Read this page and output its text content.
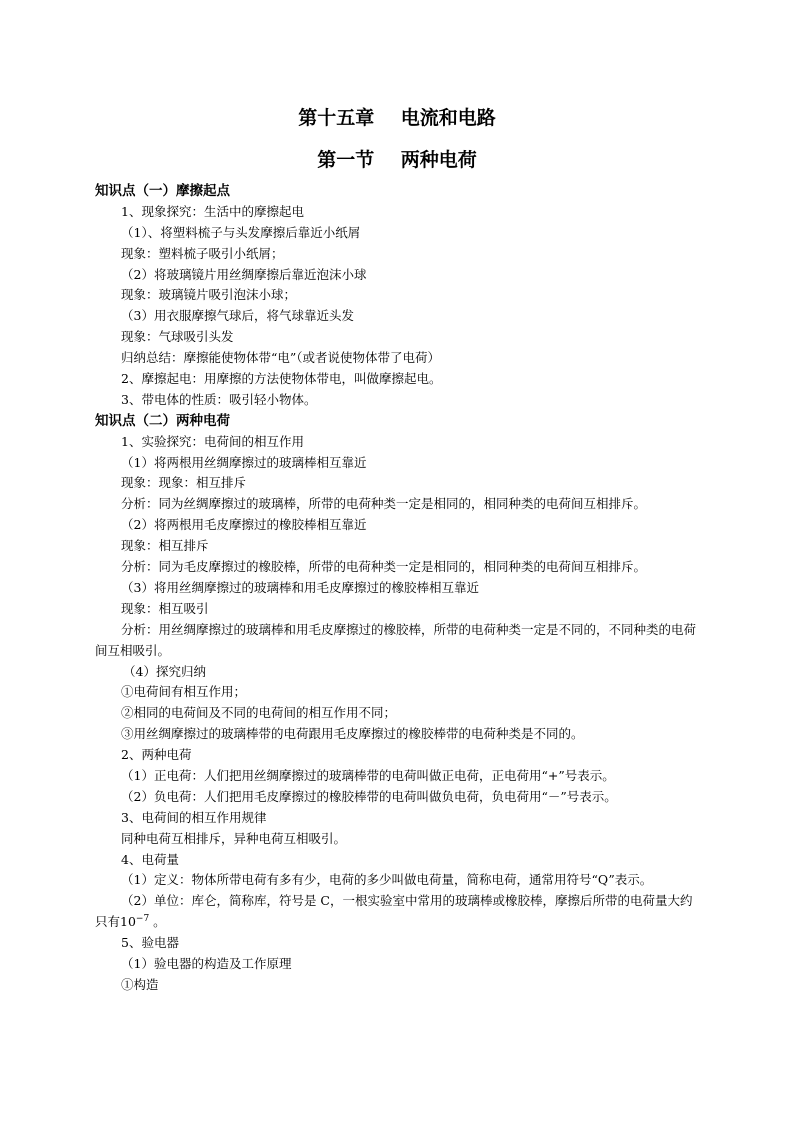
第十五章    电流和电路
第一节    两种电荷
知识点（一）摩擦起点
1、现象探究：生活中的摩擦起电
（1）、将塑料梳子与头发摩擦后靠近小纸屑
现象：塑料梳子吸引小纸屑；
（2）将玻璃镜片用丝绸摩擦后靠近泡沫小球
现象：玻璃镜片吸引泡沫小球；
（3）用衣服摩擦气球后，将气球靠近头发
现象：气球吸引头发
归纳总结：摩擦能使物体带“电”（或者说使物体带了电荷）
2、摩擦起电：用摩擦的方法使物体带电，叫做摩擦起电。
3、带电体的性质：吸引轻小物体。
知识点（二）两种电荷
1、实验探究：电荷间的相互作用
（1）将两根用丝绸摩擦过的玻璃棒相互靠近
现象：现象：相互排斥
分析：同为丝绸摩擦过的玻璃棒，所带的电荷种类一定是相同的，相同种类的电荷间互相排斥。
（2）将两根用毛皮摩擦过的橡胶棒相互靠近
现象：相互排斥
分析：同为毛皮摩擦过的橡胶棒，所带的电荷种类一定是相同的，相同种类的电荷间互相排斥。
（3）将用丝绸摩擦过的玻璃棒和用毛皮摩擦过的橡胶棒相互靠近
现象：相互吸引
分析：用丝绸摩擦过的玻璃棒和用毛皮摩擦过的橡胶棒，所带的电荷种类一定是不同的，不同种类的电荷间互相吸引。
（4）探究归纳
①电荷间有相互作用；
②相同的电荷间及不同的电荷间的相互作用不同；
③用丝绸摩擦过的玻璃棒带的电荷跟用毛皮摩擦过的橡胶棒带的电荷种类是不同的。
2、两种电荷
（1）正电荷：人们把用丝绸摩擦过的玻璃棒带的电荷叫做正电荷，正电荷用“+”号表示。
（2）负电荷：人们把用毛皮摩擦过的橡胶棒带的电荷叫做负电荷，负电荷用“－”号表示。
3、电荷间的相互作用规律
同种电荷互相排斥，异种电荷互相吸引。
4、电荷量
（1）定义：物体所带电荷有多有少，电荷的多少叫做电荷量，简称电荷，通常用符号“Q”表示。
（2）单位：库仑，简称库，符号是 C，一根实验室中常用的玻璃棒或橡胶棒，摩擦后所带的电荷量大约只有$10^{-7}$ 。
5、验电器
（1）验电器的构造及工作原理
①构造
